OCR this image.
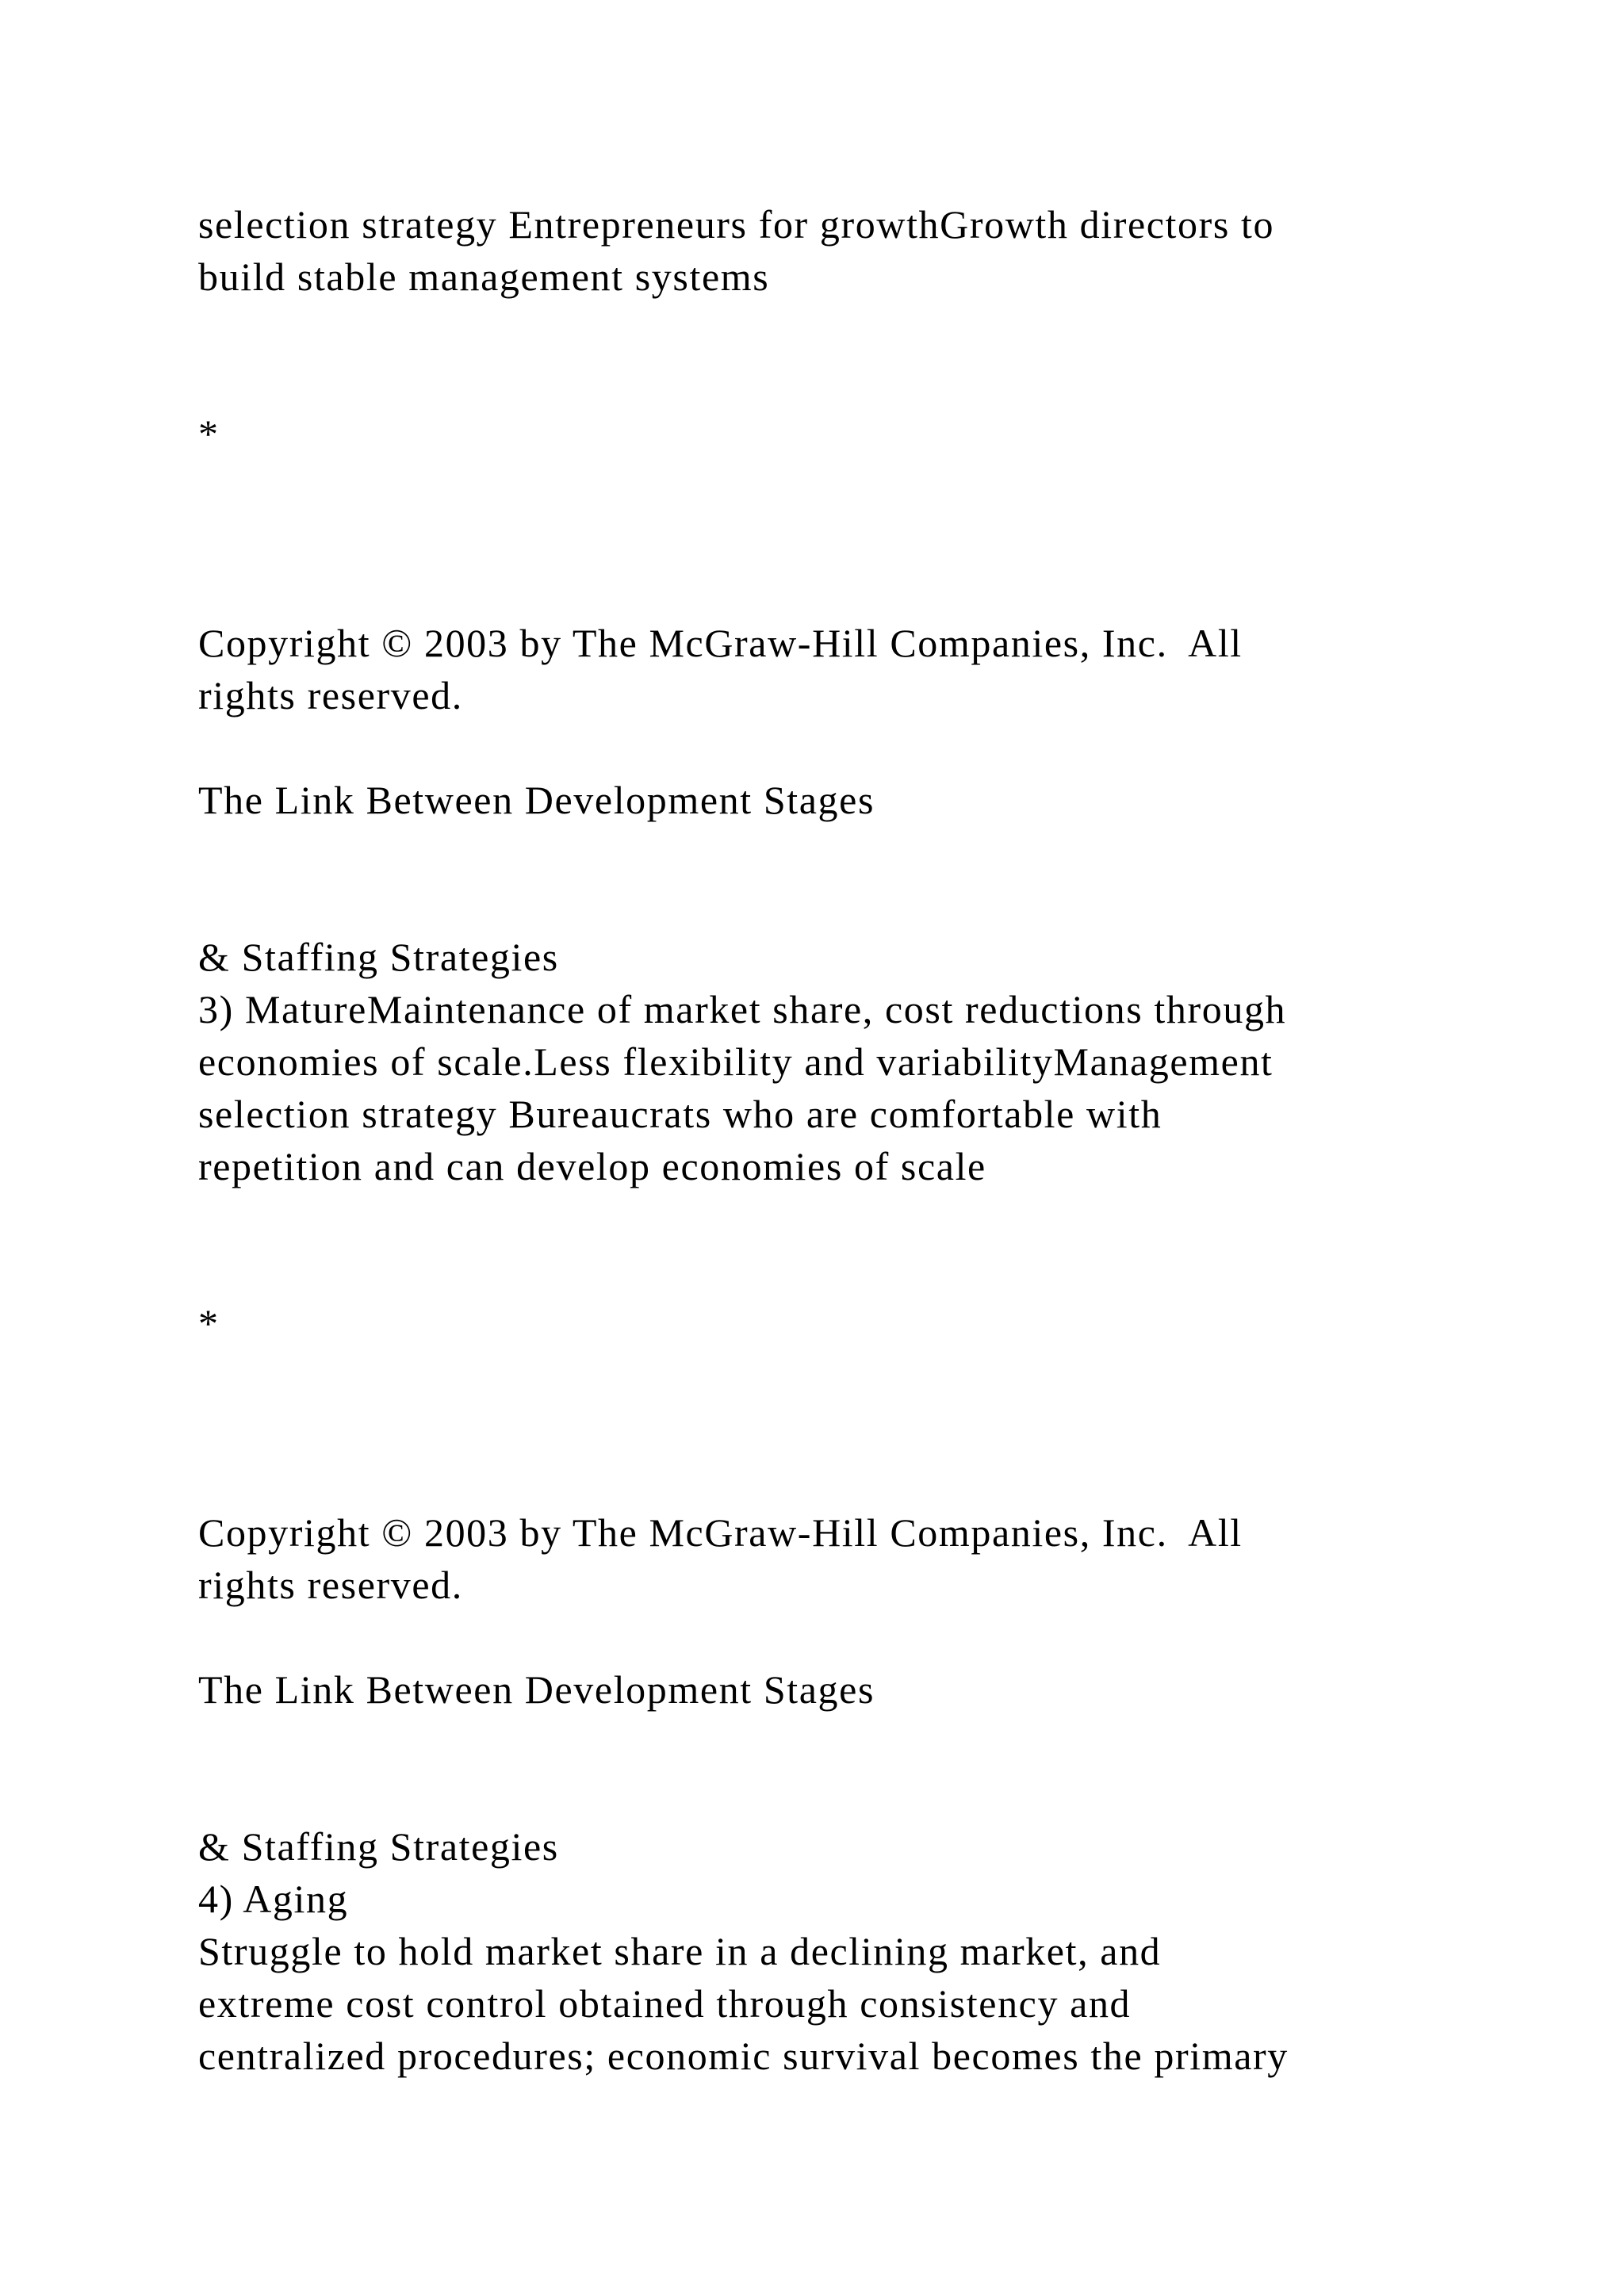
selection strategy Entrepreneurs for growthGrowth directors to

build stable management systems

*

Copyright © 2003 by The McGraw-Hill Companies, Inc.  All

rights reserved.

The Link Between Development Stages

& Staffing Strategies

3) MatureMaintenance of market share, cost reductions through

economies of scale.Less flexibility and variabilityManagement

selection strategy Bureaucrats who are comfortable with

repetition and can develop economies of scale

*

Copyright © 2003 by The McGraw-Hill Companies, Inc.  All

rights reserved.

The Link Between Development Stages

& Staffing Strategies

4) Aging

Struggle to hold market share in a declining market, and

extreme cost control obtained through consistency and

centralized procedures; economic survival becomes the primary
